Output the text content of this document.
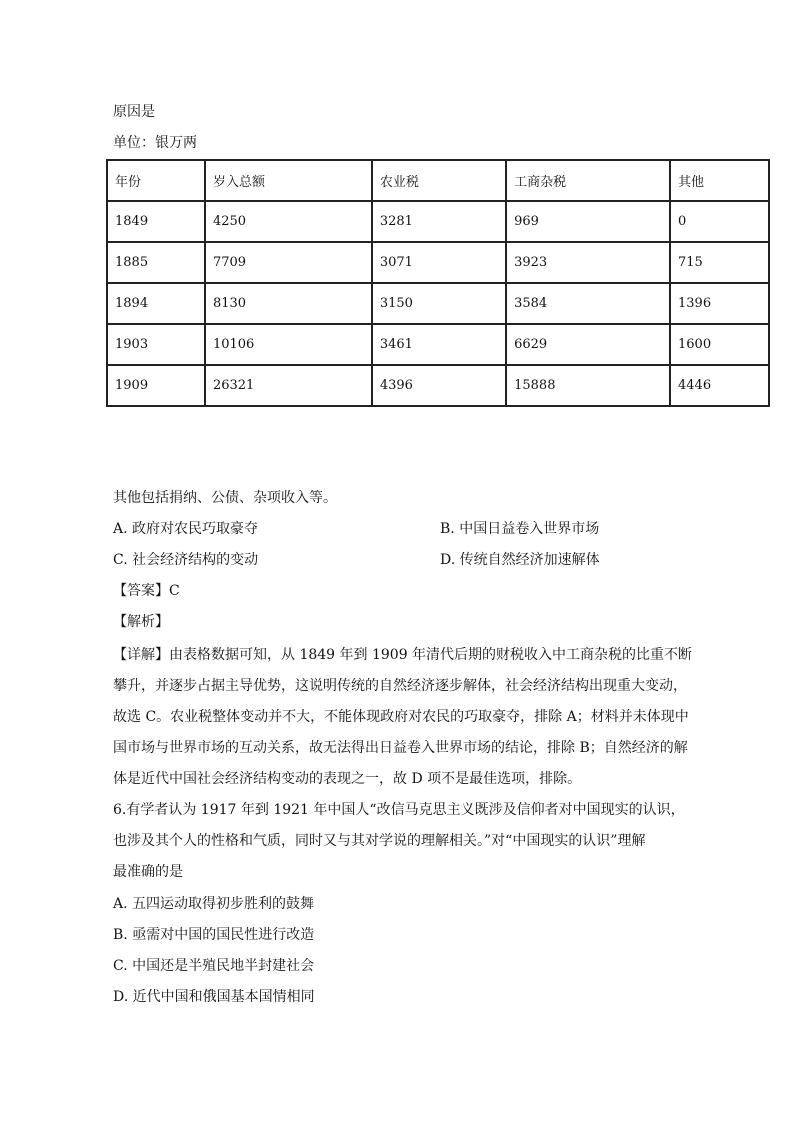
原因是
单位：银万两
年份	岁入总额	农业税	工商杂税	其他
1849	4250	3281	969	0
1885	7709	3071	3923	715
1894	8130	3150	3584	1396
1903	10106	3461	6629	1600
1909	26321	4396	15888	4446
其他包括捐纳、公债、杂项收入等。
A. 政府对农民巧取豪夺	B. 中国日益卷入世界市场
C. 社会经济结构的变动	D. 传统自然经济加速解体
【答案】C
【解析】
【详解】由表格数据可知，从 1849 年到 1909 年清代后期的财税收入中工商杂税的比重不断
攀升，并逐步占据主导优势，这说明传统的自然经济逐步解体，社会经济结构出现重大变动，
故选 C。农业税整体变动并不大，不能体现政府对农民的巧取豪夺，排除 A；材料并未体现中
国市场与世界市场的互动关系，故无法得出日益卷入世界市场的结论，排除 B；自然经济的解
体是近代中国社会经济结构变动的表现之一，故 D 项不是最佳选项，排除。
6.有学者认为 1917 年到 1921 年中国人“改信马克思主义既涉及信仰者对中国现实的认识，
也涉及其个人的性格和气质，同时又与其对学说的理解相关。”对“中国现实的认识”理解
最准确的是
A. 五四运动取得初步胜利的鼓舞
B. 亟需对中国的国民性进行改造
C. 中国还是半殖民地半封建社会
D. 近代中国和俄国基本国情相同
